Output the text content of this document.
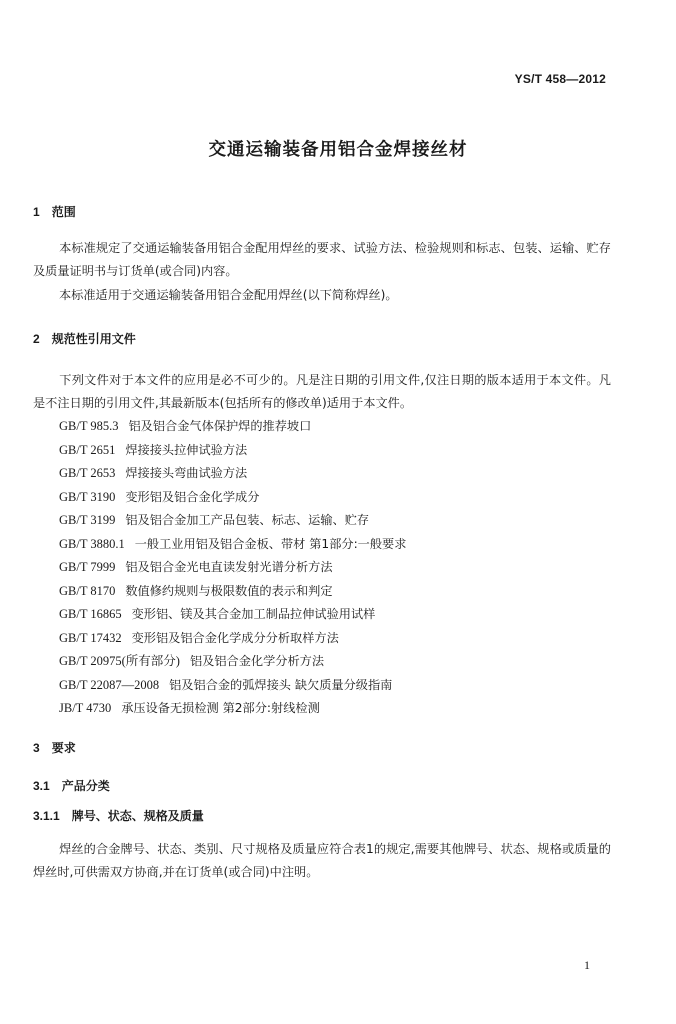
YS/T 458—2012
交通运输装备用铝合金焊接丝材
1 范围
本标准规定了交通运输装备用铝合金配用焊丝的要求、试验方法、检验规则和标志、包装、运输、贮存及质量证明书与订货单(或合同)内容。
本标准适用于交通运输装备用铝合金配用焊丝(以下简称焊丝)。
2 规范性引用文件
下列文件对于本文件的应用是必不可少的。凡是注日期的引用文件,仅注日期的版本适用于本文件。凡是不注日期的引用文件,其最新版本(包括所有的修改单)适用于本文件。
GB/T 985.3 铝及铝合金气体保护焊的推荐坡口
GB/T 2651 焊接接头拉伸试验方法
GB/T 2653 焊接接头弯曲试验方法
GB/T 3190 变形铝及铝合金化学成分
GB/T 3199 铝及铝合金加工产品包装、标志、运输、贮存
GB/T 3880.1 一般工业用铝及铝合金板、带材 第1部分:一般要求
GB/T 7999 铝及铝合金光电直读发射光谱分析方法
GB/T 8170 数值修约规则与极限数值的表示和判定
GB/T 16865 变形铝、镁及其合金加工制品拉伸试验用试样
GB/T 17432 变形铝及铝合金化学成分分析取样方法
GB/T 20975(所有部分) 铝及铝合金化学分析方法
GB/T 22087—2008 铝及铝合金的弧焊接头 缺欠质量分级指南
JB/T 4730 承压设备无损检测 第2部分:射线检测
3 要求
3.1 产品分类
3.1.1 牌号、状态、规格及质量
焊丝的合金牌号、状态、类别、尺寸规格及质量应符合表1的规定,需要其他牌号、状态、规格或质量的焊丝时,可供需双方协商,并在订货单(或合同)中注明。
1
